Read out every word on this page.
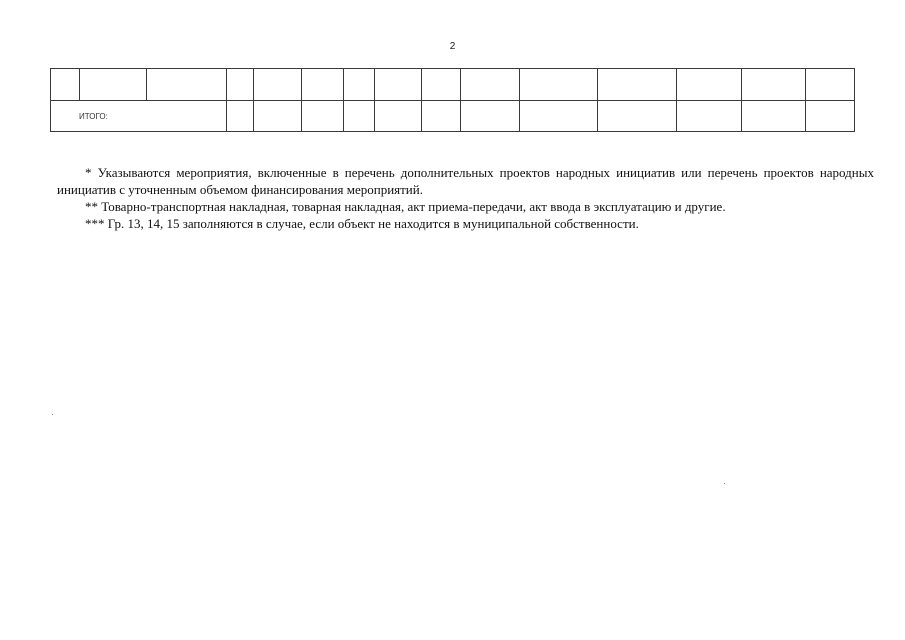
2

ИТОГО:														

* Указываются мероприятия, включенные в перечень дополнительных проектов народных инициатив или перечень проектов народных инициатив с уточненным объемом финансирования мероприятий.

** Товарно-транспортная накладная, товарная накладная, акт приема-передачи, акт ввода в эксплуатацию и другие.

*** Гр. 13, 14, 15 заполняются в случае, если объект не находится в муниципальной собственности.
